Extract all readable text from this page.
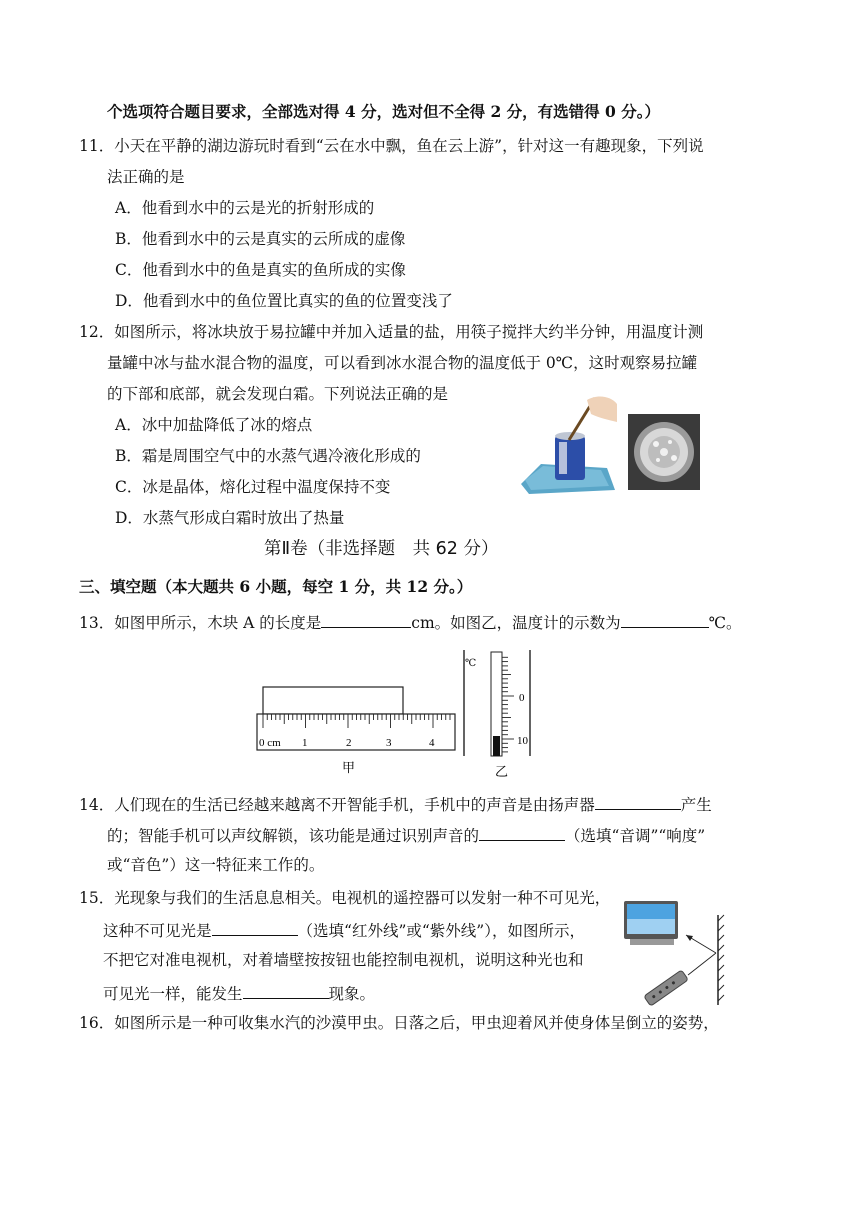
个选项符合题目要求，全部选对得 4 分，选对但不全得 2 分，有选错得 0 分。）
11．小天在平静的湖边游玩时看到“云在水中飘，鱼在云上游”，针对这一有趣现象，下列说
法正确的是
A．他看到水中的云是光的折射形成的
B．他看到水中的云是真实的云所成的虚像
C．他看到水中的鱼是真实的鱼所成的实像
D．他看到水中的鱼位置比真实的鱼的位置变浅了
12．如图所示，将冰块放于易拉罐中并加入适量的盐，用筷子搅拌大约半分钟，用温度计测
量罐中冰与盐水混合物的温度，可以看到冰水混合物的温度低于 0℃，这时观察易拉罐
的下部和底部，就会发现白霜。下列说法正确的是
A．冰中加盐降低了冰的熔点
B．霜是周围空气中的水蒸气遇冷液化形成的
C．冰是晶体，熔化过程中温度保持不变
D．水蒸气形成白霜时放出了热量
第Ⅱ卷（非选择题　共 62 分）
三、填空题（本大题共 6 小题，每空 1 分，共 12 分。）
13．如图甲所示，木块 A 的长度是	cm。如图乙，温度计的示数为	℃。
0 cm 1	2	3	4
甲
℃
0
10
乙
14．人们现在的生活已经越来越离不开智能手机，手机中的声音是由扬声器	产生
的；智能手机可以声纹解锁，该功能是通过识别声音的	（选填“音调”“响度”
或“音色”）这一特征来工作的。
15．光现象与我们的生活息息相关。电视机的遥控器可以发射一种不可见光，
这种不可见光是	（选填“红外线”或“紫外线”），如图所示，
不把它对准电视机，对着墙壁按按钮也能控制电视机，说明这种光也和
可见光一样，能发生	现象。
16．如图所示是一种可收集水汽的沙漠甲虫。日落之后，甲虫迎着风并使身体呈倒立的姿势，
